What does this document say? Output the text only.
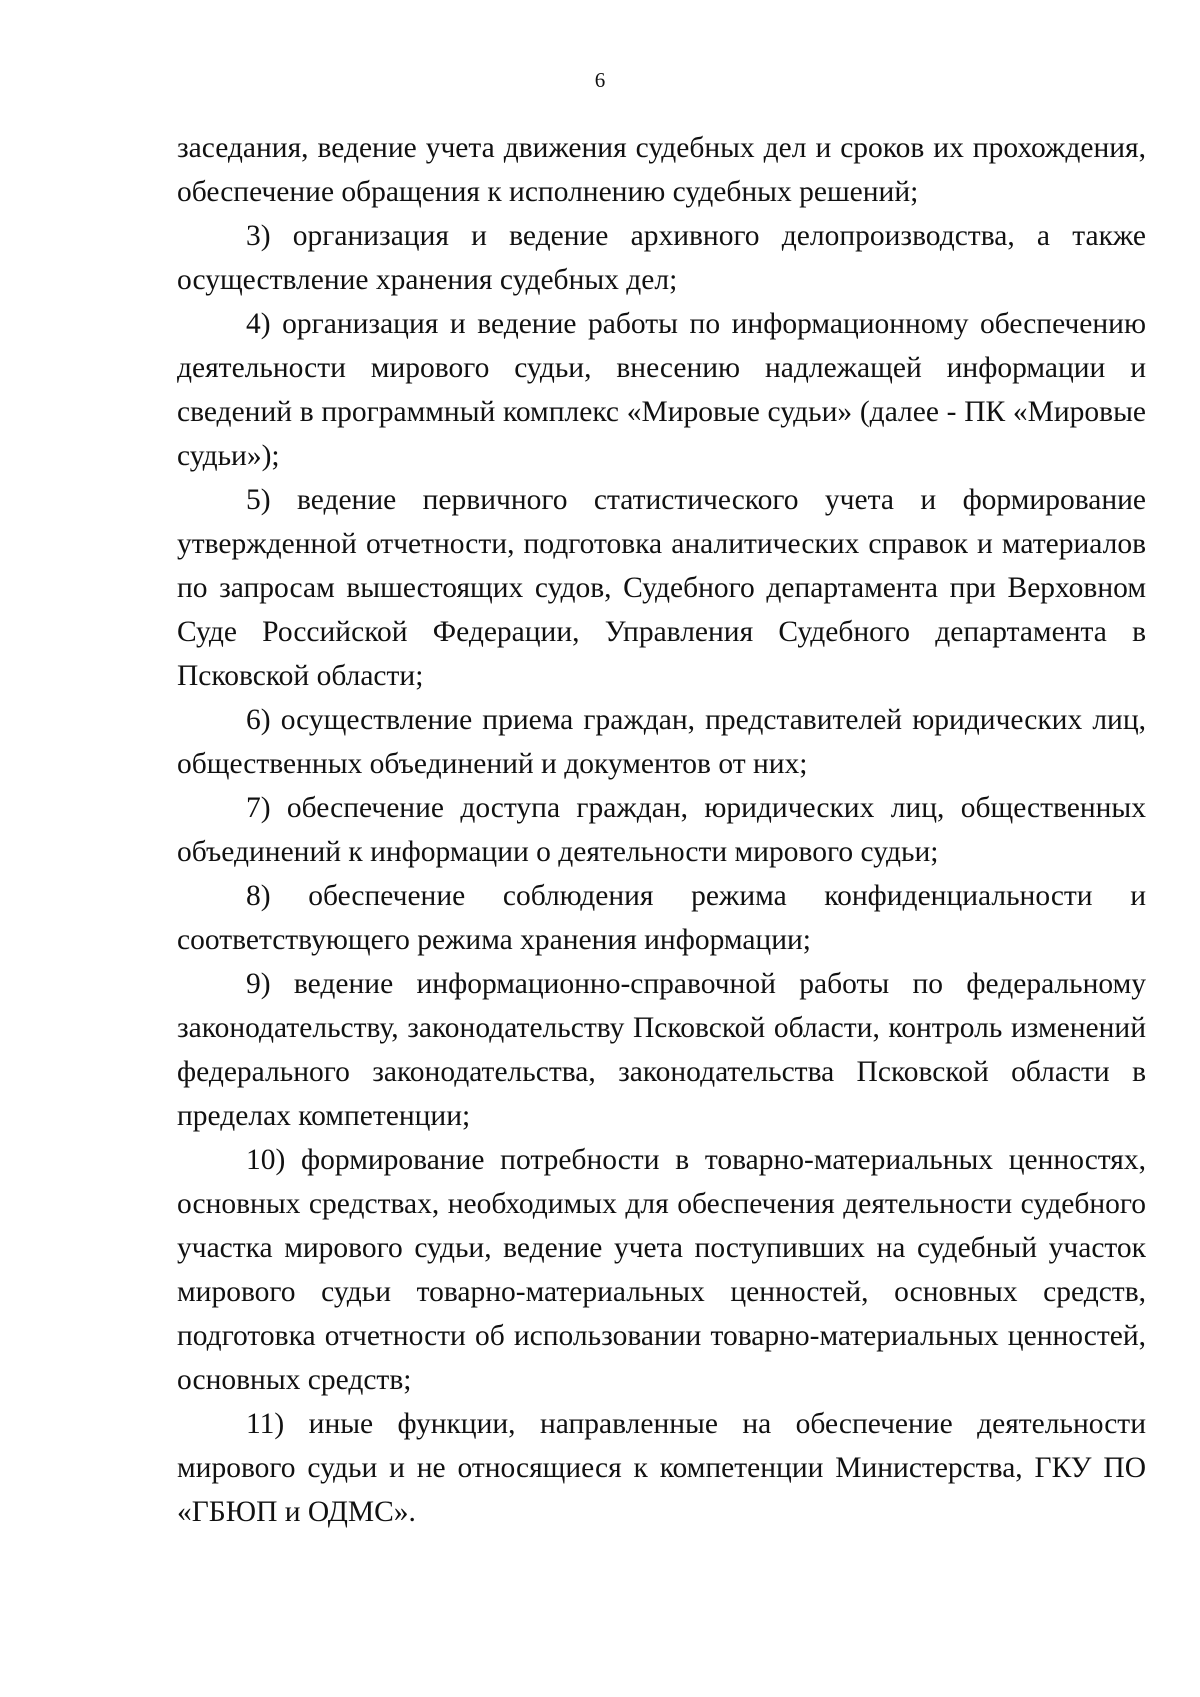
6

заседания, ведение учета движения судебных дел и сроков их прохождения, обеспечение обращения к исполнению судебных решений;

3) организация и ведение архивного делопроизводства, а также осуществление хранения судебных дел;

4) организация и ведение работы по информационному обеспечению деятельности мирового судьи, внесению надлежащей информации и сведений в программный комплекс «Мировые судьи» (далее - ПК «Мировые судьи»);

5) ведение первичного статистического учета и формирование утвержденной отчетности, подготовка аналитических справок и материалов по запросам вышестоящих судов, Судебного департамента при Верховном Суде Российской Федерации, Управления Судебного департамента в Псковской области;

6) осуществление приема граждан, представителей юридических лиц, общественных объединений и документов от них;

7) обеспечение доступа граждан, юридических лиц, общественных объединений к информации о деятельности мирового судьи;

8) обеспечение соблюдения режима конфиденциальности и соответствующего режима хранения информации;

9) ведение информационно-справочной работы по федеральному законодательству, законодательству Псковской области, контроль изменений федерального законодательства, законодательства Псковской области в пределах компетенции;

10) формирование потребности в товарно-материальных ценностях, основных средствах, необходимых для обеспечения деятельности судебного участка мирового судьи, ведение учета поступивших на судебный участок мирового судьи товарно-материальных ценностей, основных средств, подготовка отчетности об использовании товарно-материальных ценностей, основных средств;

11) иные функции, направленные на обеспечение деятельности мирового судьи и не относящиеся к компетенции Министерства, ГКУ ПО «ГБЮП и ОДМС».
